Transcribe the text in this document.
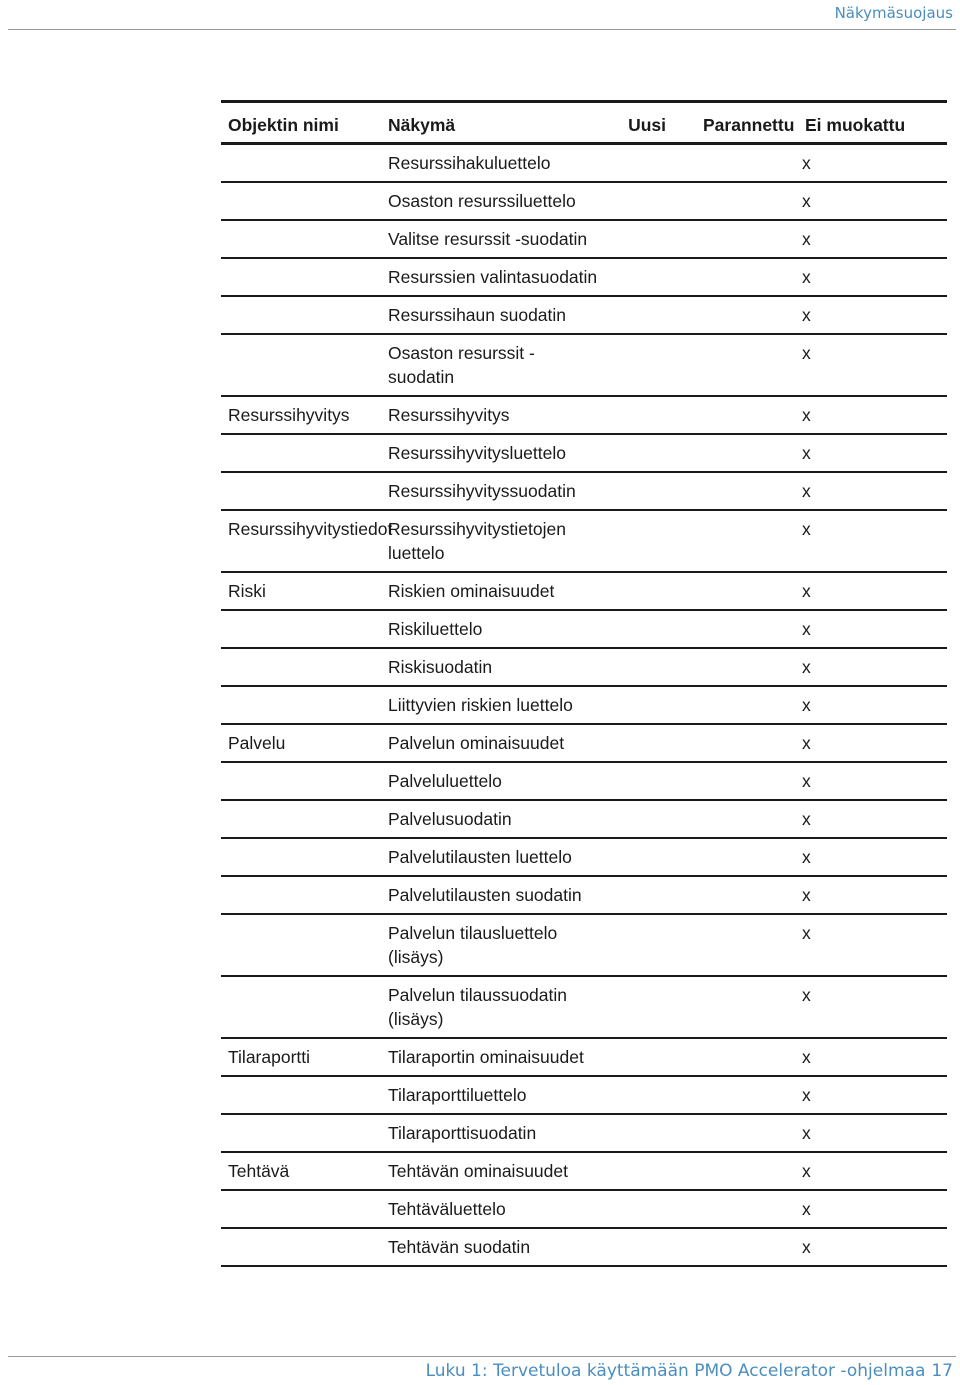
Näkymäsuojaus
Objektin nimi	Näkymä	Uusi	Parannettu	Ei muokattu
	Resurssihakuluettelo			x
	Osaston resurssiluettelo			x
	Valitse resurssit -suodatin			x
	Resurssien valintasuodatin			x
	Resurssihaun suodatin			x
	Osaston resurssit -suodatin			x
Resurssihyvitys	Resurssihyvitys			x
	Resurssihyvitysluettelo			x
	Resurssihyvityssuodatin			x
Resurssihyvitystiedot	Resurssihyvitystietojen luettelo			x
Riski	Riskien ominaisuudet			x
	Riskiluettelo			x
	Riskisuodatin			x
	Liittyvien riskien luettelo			x
Palvelu	Palvelun ominaisuudet			x
	Palveluluettelo			x
	Palvelusuodatin			x
	Palvelutilausten luettelo			x
	Palvelutilausten suodatin			x
	Palvelun tilausluettelo (lisäys)			x
	Palvelun tilaussuodatin (lisäys)			x
Tilaraportti	Tilaraportin ominaisuudet			x
	Tilaraporttiluettelo			x
	Tilaraporttisuodatin			x
Tehtävä	Tehtävän ominaisuudet			x
	Tehtäväluettelo			x
	Tehtävän suodatin			x
Luku 1: Tervetuloa käyttämään PMO Accelerator -ohjelmaa 17
